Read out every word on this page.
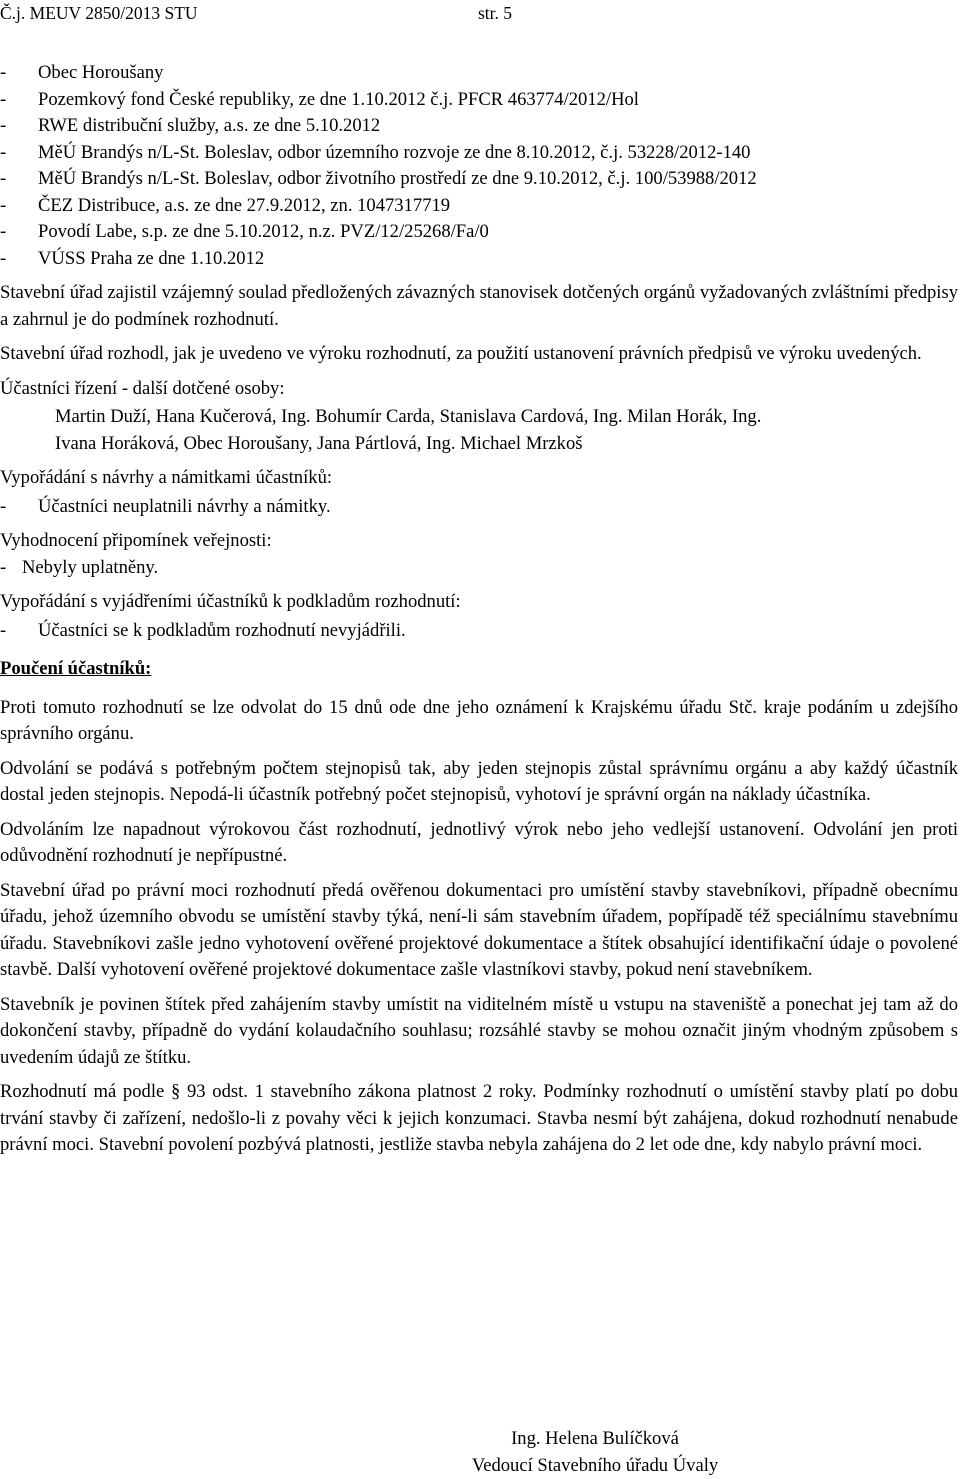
Č.j. MEUV 2850/2013 STU	str. 5
- Obec Horoušany
- Pozemkový fond České republiky, ze dne 1.10.2012 č.j. PFCR 463774/2012/Hol
- RWE distribuční služby, a.s. ze dne 5.10.2012
- MěÚ Brandýs n/L-St. Boleslav, odbor územního rozvoje ze dne 8.10.2012, č.j. 53228/2012-140
- MěÚ Brandýs n/L-St. Boleslav, odbor životního prostředí ze dne 9.10.2012, č.j. 100/53988/2012
- ČEZ Distribuce, a.s. ze dne 27.9.2012, zn. 1047317719
- Povodí Labe, s.p. ze dne 5.10.2012, n.z. PVZ/12/25268/Fa/0
- VÚSS Praha ze dne 1.10.2012

Stavební úřad zajistil vzájemný soulad předložených závazných stanovisek dotčených orgánů vyžadovaných zvláštními předpisy a zahrnul je do podmínek rozhodnutí.

Stavební úřad rozhodl, jak je uvedeno ve výroku rozhodnutí, za použití ustanovení právních předpisů ve výroku uvedených.

Účastníci řízení - další dotčené osoby:

Martin Duží, Hana Kučerová, Ing. Bohumír Carda, Stanislava Cardová, Ing. Milan Horák, Ing.
Ivana Horáková, Obec Horoušany, Jana Pártlová, Ing. Michael Mrzkoš

Vypořádání s návrhy a námitkami účastníků:

- Účastníci neuplatnili návrhy a námitky.

Vyhodnocení připomínek veřejnosti:

- Nebyly uplatněny.

Vypořádání s vyjádřeními účastníků k podkladům rozhodnutí:

- Účastníci se k podkladům rozhodnutí nevyjádřili.

Poučení účastníků:

Proti tomuto rozhodnutí se lze odvolat do 15 dnů ode dne jeho oznámení k Krajskému úřadu Stč. kraje podáním u zdejšího správního orgánu.

Odvolání se podává s potřebným počtem stejnopisů tak, aby jeden stejnopis zůstal správnímu orgánu a aby každý účastník dostal jeden stejnopis. Nepodá-li účastník potřebný počet stejnopisů, vyhotoví je správní orgán na náklady účastníka.

Odvoláním lze napadnout výrokovou část rozhodnutí, jednotlivý výrok nebo jeho vedlejší ustanovení. Odvolání jen proti odůvodnění rozhodnutí je nepřípustné.

Stavební úřad po právní moci rozhodnutí předá ověřenou dokumentaci pro umístění stavby stavebníkovi, případně obecnímu úřadu, jehož územního obvodu se umístění stavby týká, není-li sám stavebním úřadem, popřípadě též speciálnímu stavebnímu úřadu. Stavebníkovi zašle jedno vyhotovení ověřené projektové dokumentace a štítek obsahující identifikační údaje o povolené stavbě. Další vyhotovení ověřené projektové dokumentace zašle vlastníkovi stavby, pokud není stavebníkem.

Stavebník je povinen štítek před zahájením stavby umístit na viditelném místě u vstupu na staveniště a ponechat jej tam až do dokončení stavby, případně do vydání kolaudačního souhlasu; rozsáhlé stavby se mohou označit jiným vhodným způsobem s uvedením údajů ze štítku.

Rozhodnutí má podle § 93 odst. 1 stavebního zákona platnost 2 roky. Podmínky rozhodnutí o umístění stavby platí po dobu trvání stavby či zařízení, nedošlo-li z povahy věci k jejich konzumaci. Stavba nesmí být zahájena, dokud rozhodnutí nenabude právní moci. Stavební povolení pozbývá platnosti, jestliže stavba nebyla zahájena do 2 let ode dne, kdy nabylo právní moci.

Ing. Helena Bulíčková
Vedoucí Stavebního úřadu Úvaly
